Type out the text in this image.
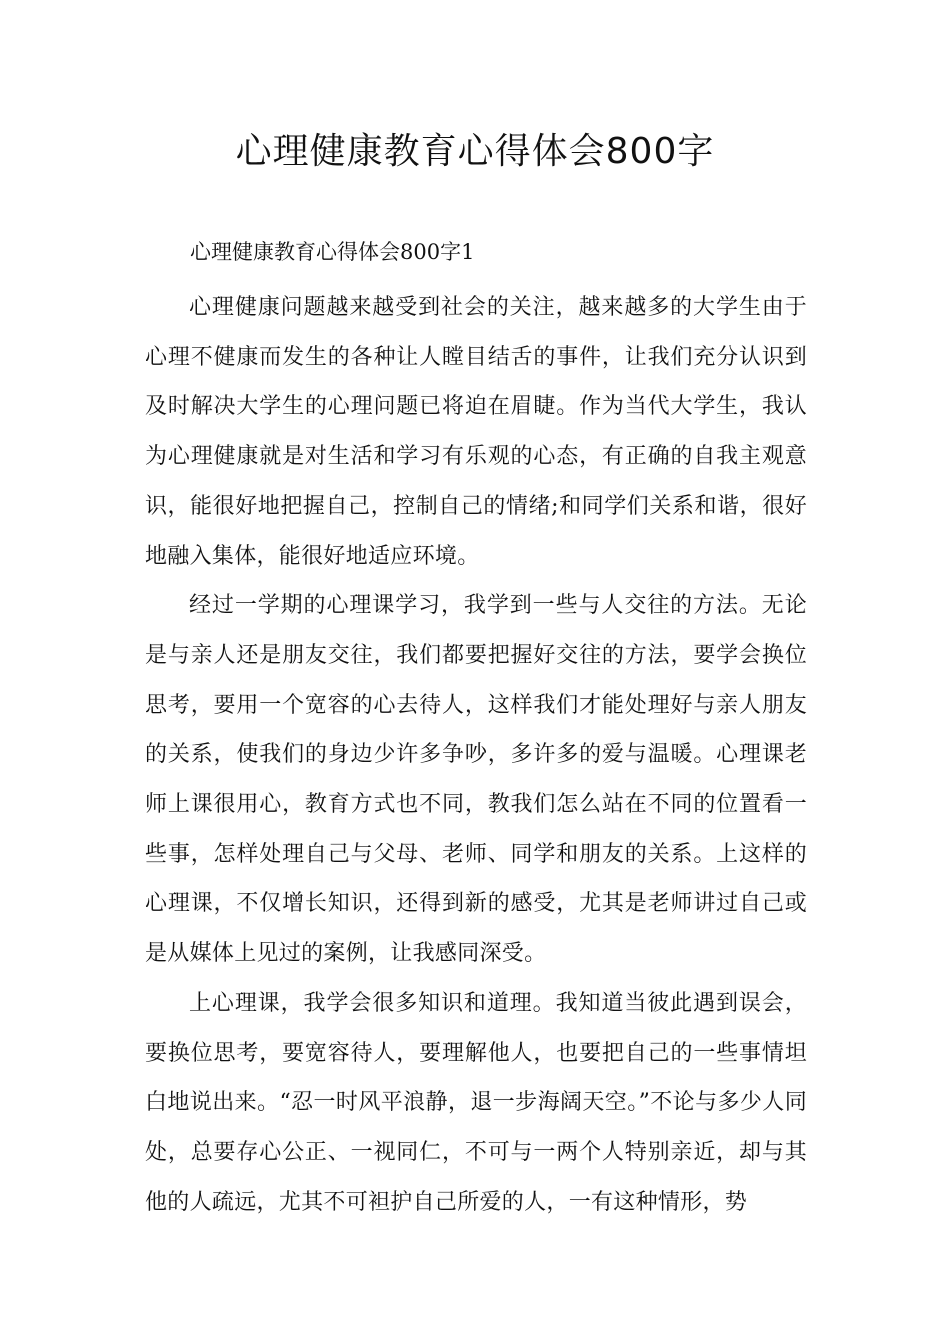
心理健康教育心得体会800字

心理健康教育心得体会800字1

心理健康问题越来越受到社会的关注，越来越多的大学生由于心理不健康而发生的各种让人瞠目结舌的事件，让我们充分认识到及时解决大学生的心理问题已将迫在眉睫。作为当代大学生，我认为心理健康就是对生活和学习有乐观的心态，有正确的自我主观意识，能很好地把握自己，控制自己的情绪;和同学们关系和谐，很好地融入集体，能很好地适应环境。

经过一学期的心理课学习，我学到一些与人交往的方法。无论是与亲人还是朋友交往，我们都要把握好交往的方法，要学会换位思考，要用一个宽容的心去待人，这样我们才能处理好与亲人朋友的关系，使我们的身边少许多争吵，多许多的爱与温暖。心理课老师上课很用心，教育方式也不同，教我们怎么站在不同的位置看一些事，怎样处理自己与父母、老师、同学和朋友的关系。上这样的心理课，不仅增长知识，还得到新的感受，尤其是老师讲过自己或是从媒体上见过的案例，让我感同深受。

上心理课，我学会很多知识和道理。我知道当彼此遇到误会，要换位思考，要宽容待人，要理解他人，也要把自己的一些事情坦白地说出来。“忍一时风平浪静，退一步海阔天空。”不论与多少人同处，总要存心公正、一视同仁，不可与一两个人特别亲近，却与其他的人疏远，尤其不可袒护自己所爱的人，一有这种情形，势
